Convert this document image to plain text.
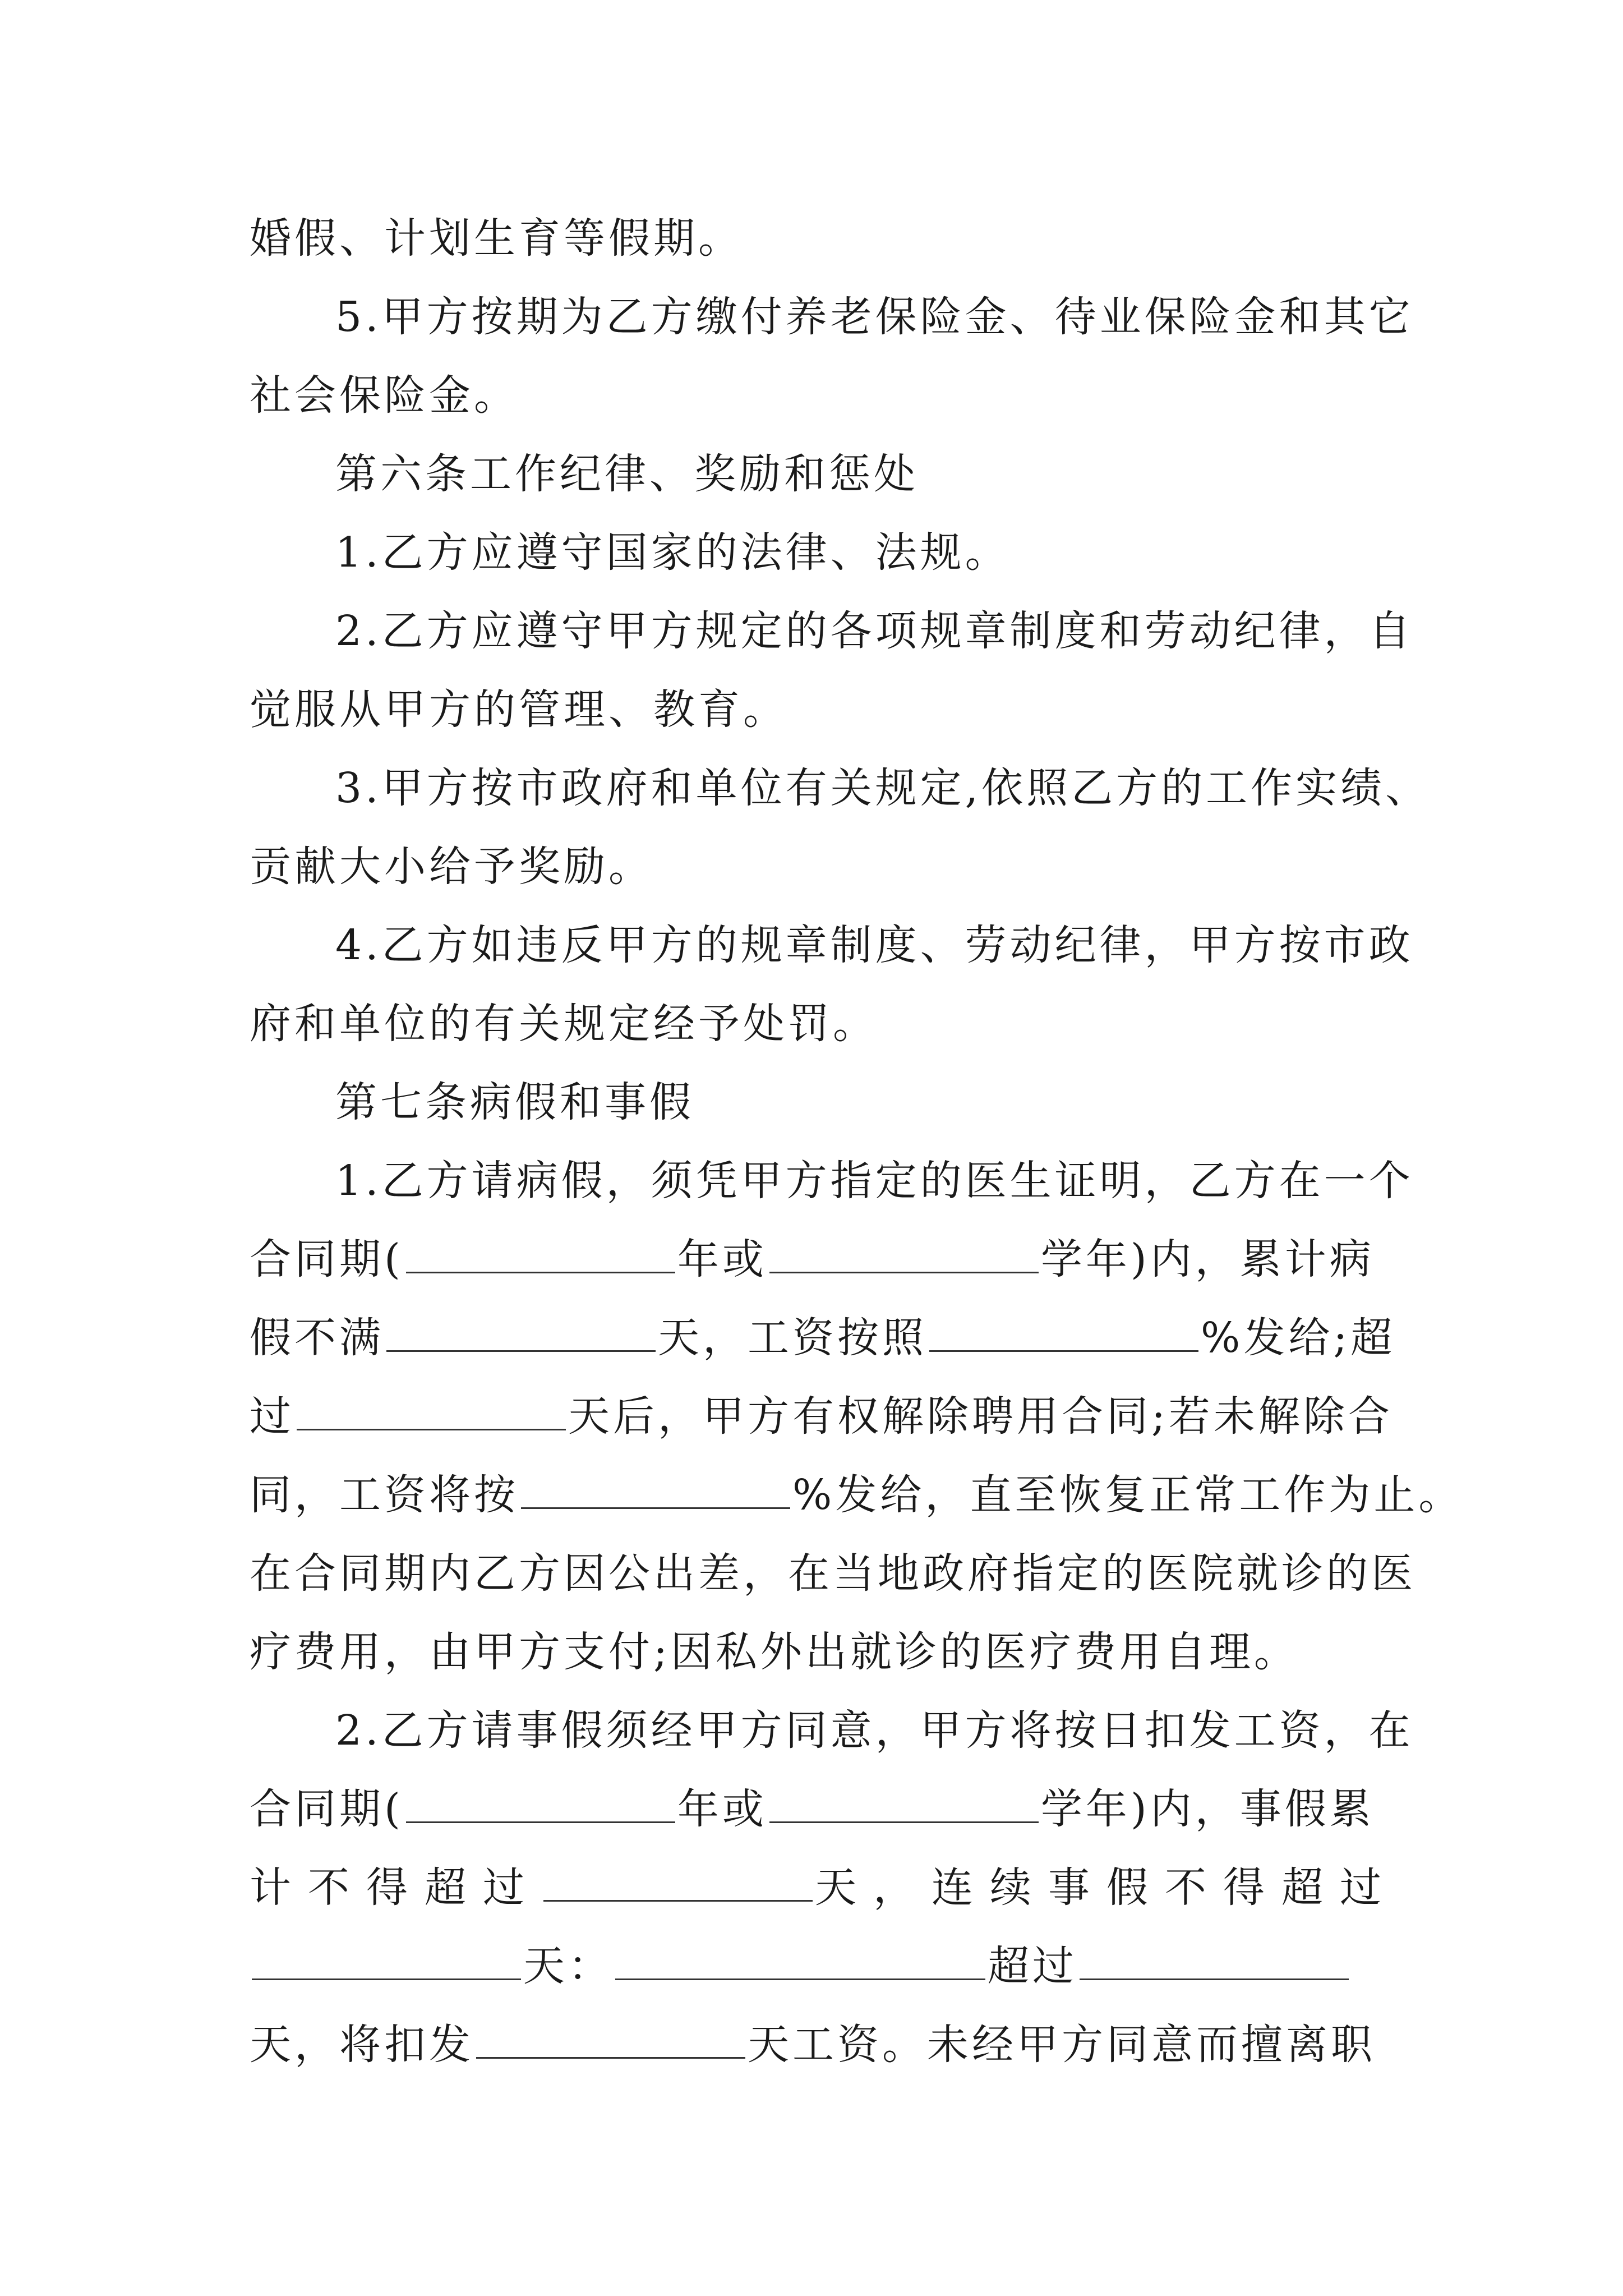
婚假、计划生育等假期。
5.甲方按期为乙方缴付养老保险金、待业保险金和其它
社会保险金。
第六条工作纪律、奖励和惩处
1.乙方应遵守国家的法律、法规。
2.乙方应遵守甲方规定的各项规章制度和劳动纪律，自
觉服从甲方的管理、教育。
3.甲方按市政府和单位有关规定,依照乙方的工作实绩、
贡献大小给予奖励。
4.乙方如违反甲方的规章制度、劳动纪律，甲方按市政
府和单位的有关规定经予处罚。
第七条病假和事假
1.乙方请病假，须凭甲方指定的医生证明，乙方在一个
合同期(	年或	学年)内，累计病
假不满	天，工资按照	%发给;超
过	天后，甲方有权解除聘用合同;若未解除合
同，工资将按	%发给，直至恢复正常工作为止。
在合同期内乙方因公出差，在当地政府指定的医院就诊的医
疗费用，由甲方支付;因私外出就诊的医疗费用自理。
2.乙方请事假须经甲方同意，甲方将按日扣发工资，在
合同期(	年或	学年)内，事假累
计不得超过	天，连续事假不得超过
天：	超过
天，将扣发	天工资。未经甲方同意而擅离职
